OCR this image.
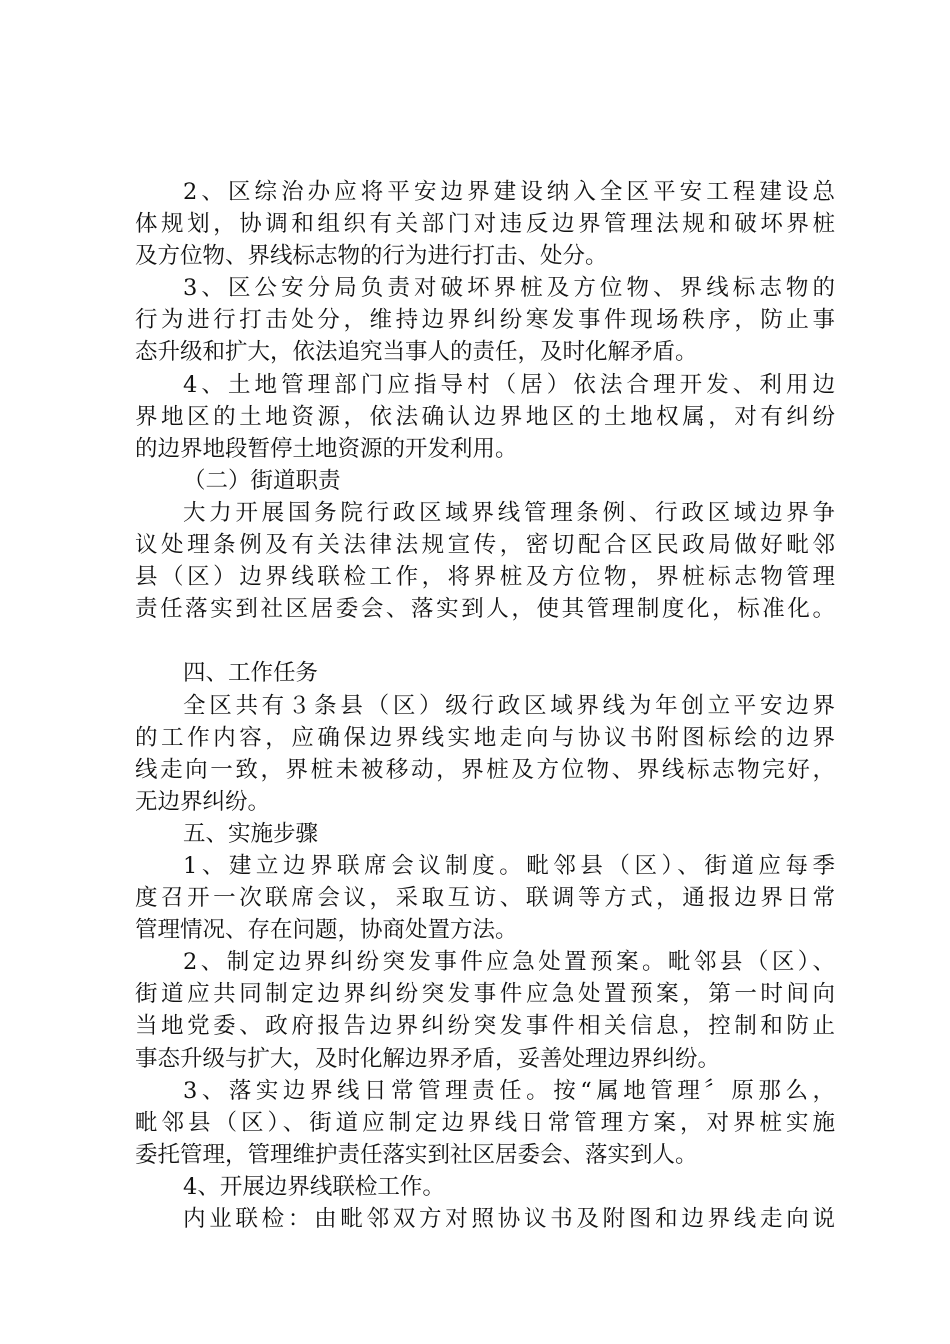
2、区综治办应将平安边界建设纳入全区平安工程建设总
体规划，协调和组织有关部门对违反边界管理法规和破坏界桩
及方位物、界线标志物的行为进行打击、处分。
3、区公安分局负责对破坏界桩及方位物、界线标志物的
行为进行打击处分，维持边界纠纷寒发事件现场秩序，防止事
态升级和扩大，依法追究当事人的责任，及时化解矛盾。
4、土地管理部门应指导村（居）依法合理开发、利用边
界地区的土地资源，依法确认边界地区的土地权属，对有纠纷
的边界地段暂停土地资源的开发利用。
（二）街道职责
大力开展国务院行政区域界线管理条例、行政区域边界争
议处理条例及有关法律法规宣传，密切配合区民政局做好毗邻
县（区）边界线联检工作，将界桩及方位物，界桩标志物管理
责任落实到社区居委会、落实到人，使其管理制度化，标准化。
四、工作任务
全区共有３条县（区）级行政区域界线为年创立平安边界
的工作内容，应确保边界线实地走向与协议书附图标绘的边界
线走向一致，界桩未被移动，界桩及方位物、界线标志物完好，
无边界纠纷。
五、实施步骤
1、建立边界联席会议制度。毗邻县（区）、街道应每季
度召开一次联席会议，采取互访、联调等方式，通报边界日常
管理情况、存在问题，协商处置方法。
2、制定边界纠纷突发事件应急处置预案。毗邻县（区）、
街道应共同制定边界纠纷突发事件应急处置预案，第一时间向
当地党委、政府报告边界纠纷突发事件相关信息，控制和防止
事态升级与扩大，及时化解边界矛盾，妥善处理边界纠纷。
3、落实边界线日常管理责任。按“属地管理〞原那么，
毗邻县（区）、街道应制定边界线日常管理方案，对界桩实施
委托管理，管理维护责任落实到社区居委会、落实到人。
4、开展边界线联检工作。
内业联检：由毗邻双方对照协议书及附图和边界线走向说
